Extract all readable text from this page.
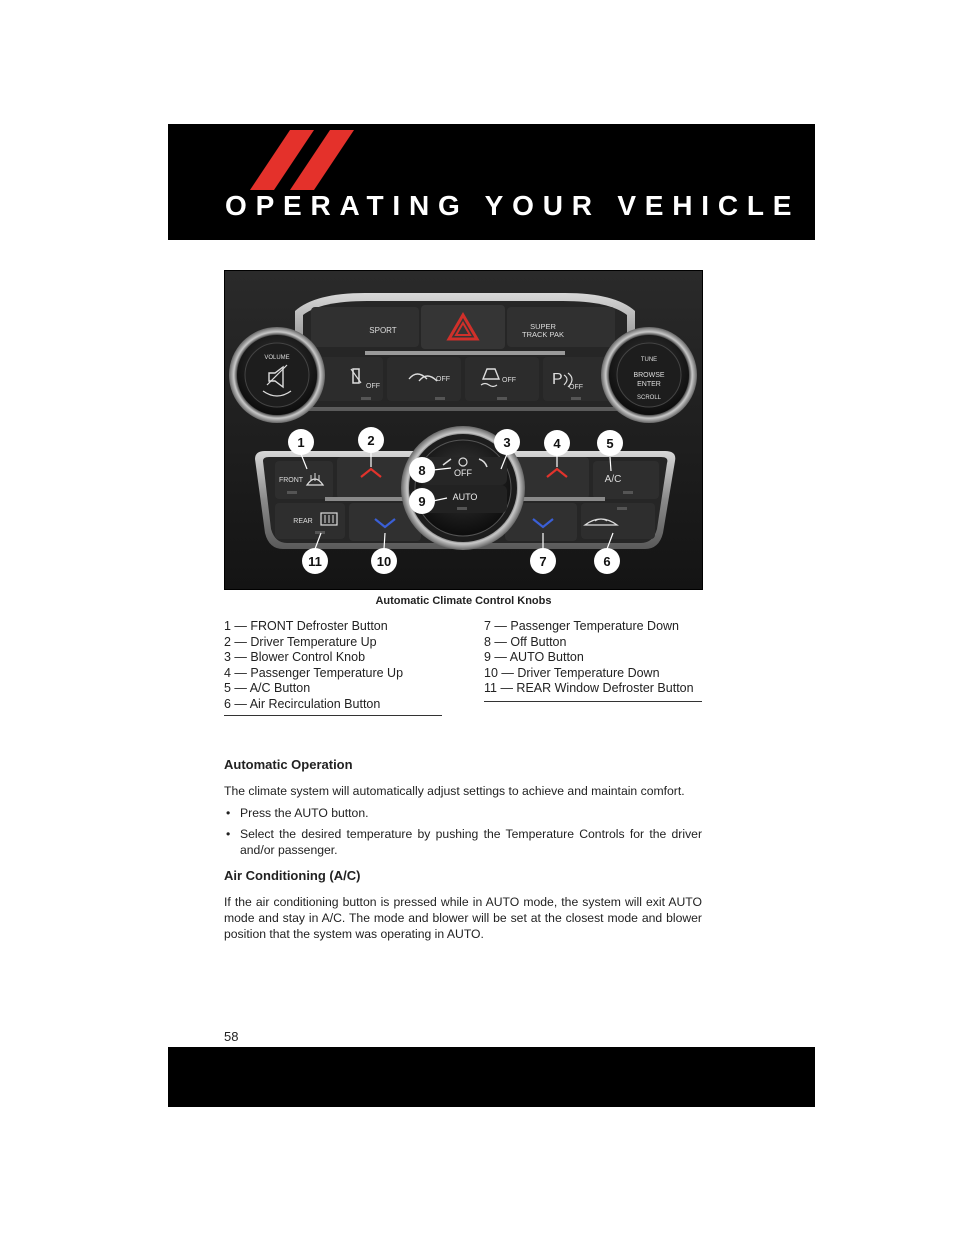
OPERATING YOUR VEHICLE
SPORT	SUPER
TRACK PAK
OFF
OFF	OFF P OFF
VOLUME	TUNE
BROWSE
ENTER
SCROLL
FRONT
REAR
A/C
OFF
AUTO
1	2	3	4	5
6
7
8
9
10
11
Automatic Climate Control Knobs
1 — FRONT Defroster Button
2 — Driver Temperature Up
3 — Blower Control Knob
4 — Passenger Temperature Up
5 — A/C Button
6 — Air Recirculation Button
7 — Passenger Temperature Down
8 — Off Button
9 — AUTO Button
10 — Driver Temperature Down
11 — REAR Window Defroster Button
Automatic Operation
The climate system will automatically adjust settings to achieve and maintain comfort.
• Press the AUTO button.
• Select the desired temperature by pushing the Temperature Controls for the driver and/or passenger.
Air Conditioning (A/C)
If the air conditioning button is pressed while in AUTO mode, the system will exit AUTO mode and stay in A/C. The mode and blower will be set at the closest mode and blower position that the system was operating in AUTO.
58
